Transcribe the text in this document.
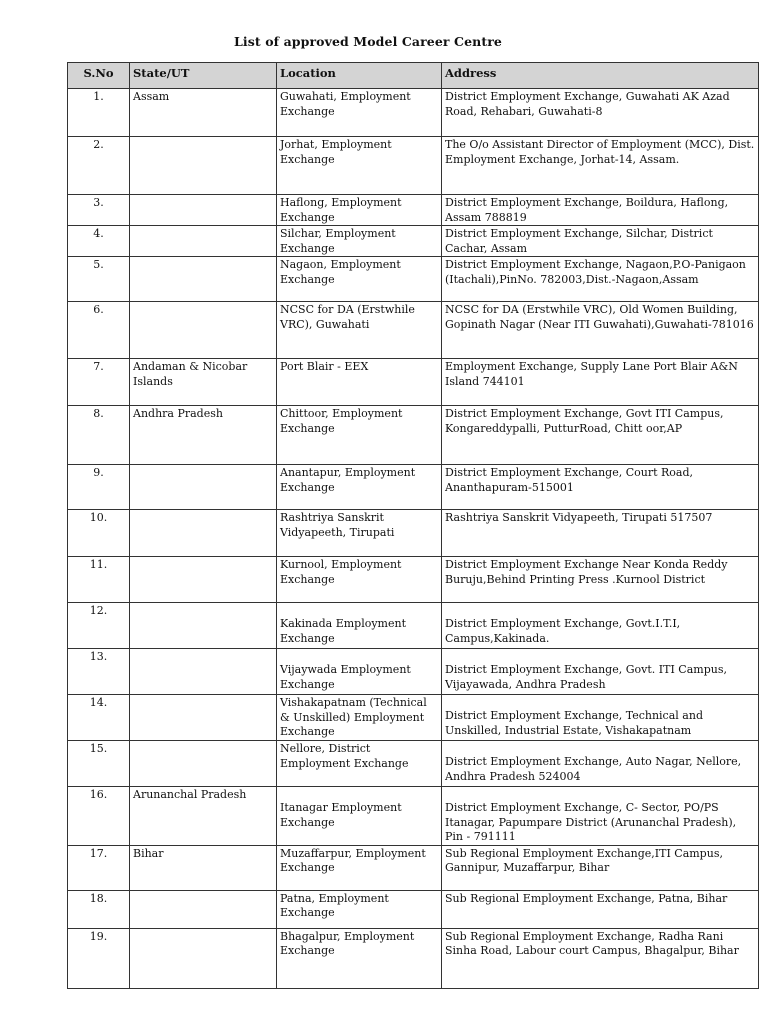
List of approved Model Career Centre
S.No	State/UT	Location	Address
1.	Assam	Guwahati, Employment Exchange	District Employment Exchange, Guwahati AK Azad Road, Rehabari, Guwahati-8
2.		Jorhat, Employment Exchange	The O/o Assistant Director of Employment (MCC), Dist. Employment Exchange, Jorhat-14, Assam.
3.		Haflong, Employment Exchange	District Employment Exchange, Boildura, Haflong, Assam 788819
4.		Silchar, Employment Exchange	District Employment Exchange, Silchar, District Cachar, Assam
5.		Nagaon, Employment Exchange	District Employment Exchange, Nagaon,P.O-Panigaon (Itachali),PinNo. 782003,Dist.-Nagaon,Assam
6.		NCSC for DA (Erstwhile VRC), Guwahati	NCSC for DA (Erstwhile VRC), Old Women Building, Gopinath Nagar (Near ITI Guwahati),Guwahati-781016
7.	Andaman & Nicobar Islands	Port Blair - EEX	Employment Exchange, Supply Lane Port Blair A&N Island 744101
8.	Andhra Pradesh	Chittoor, Employment Exchange	District Employment Exchange, Govt ITI Campus, Kongareddypalli, PutturRoad, Chitt oor,AP
9.		Anantapur, Employment Exchange	District Employment Exchange, Court Road, Ananthapuram-515001
10.		Rashtriya Sanskrit Vidyapeeth, Tirupati	Rashtriya Sanskrit Vidyapeeth, Tirupati 517507
11.		Kurnool, Employment Exchange	District Employment Exchange Near Konda Reddy Buruju,Behind Printing Press .Kurnool District
12.		Kakinada Employment Exchange	District Employment Exchange, Govt.I.T.I, Campus,Kakinada.
13.		Vijaywada Employment Exchange	District Employment Exchange, Govt. ITI Campus, Vijayawada, Andhra Pradesh
14.		Vishakapatnam (Technical & Unskilled) Employment Exchange	District Employment Exchange, Technical and Unskilled, Industrial Estate, Vishakapatnam
15.		Nellore, District Employment Exchange	District Employment Exchange, Auto Nagar, Nellore, Andhra Pradesh 524004
16.	Arunanchal Pradesh	Itanagar Employment Exchange	District Employment Exchange, C- Sector, PO/PS Itanagar, Papumpare District (Arunanchal Pradesh), Pin - 791111
17.	Bihar	Muzaffarpur, Employment Exchange	Sub Regional Employment Exchange,ITI Campus, Gannipur, Muzaffarpur, Bihar
18.		Patna, Employment Exchange	Sub Regional Employment Exchange, Patna, Bihar
19.		Bhagalpur, Employment Exchange	Sub Regional Employment Exchange, Radha Rani Sinha Road, Labour court Campus, Bhagalpur, Bihar
